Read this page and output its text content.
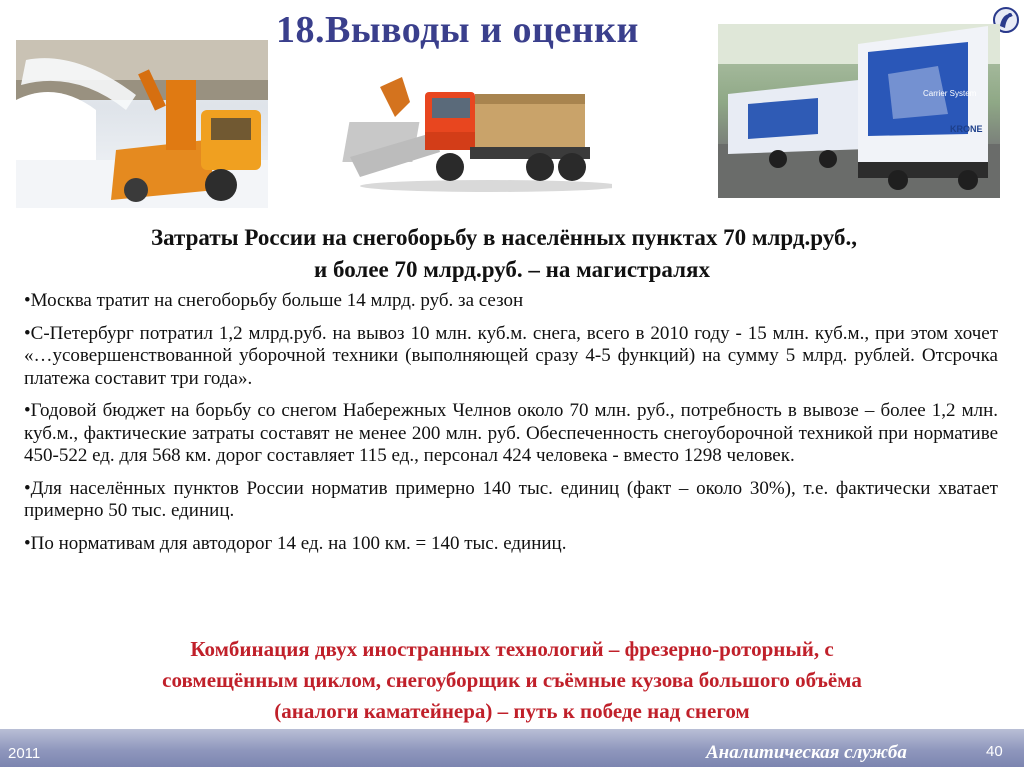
18.Выводы и оценки
Carrier System
KRONE
Затраты России на снегоборьбу в населённых пунктах 70 млрд.руб.,
и более 70 млрд.руб. – на магистралях

•Москва тратит на снегоборьбу больше 14 млрд. руб. за сезон

•С-Петербург потратил 1,2 млрд.руб. на вывоз 10 млн. куб.м. снега, всего в 2010 году - 15 млн. куб.м., при этом хочет «…усовершенствованной уборочной техники (выполняющей сразу 4-5 функций) на сумму 5 млрд. рублей. Отсрочка платежа составит три года».

•Годовой бюджет на борьбу со снегом Набережных Челнов около 70 млн. руб., потребность в вывозе – более 1,2 млн. куб.м., фактические затраты составят не менее 200 млн. руб. Обеспеченность снегоуборочной техникой при нормативе 450-522 ед. для 568 км. дорог составляет 115 ед., персонал 424 человека - вместо 1298 человек.

•Для населённых пунктов России норматив примерно 140 тыс. единиц (факт – около 30%), т.е. фактически хватает примерно 50 тыс. единиц.

•По нормативам для автодорог 14 ед. на 100 км. = 140 тыс. единиц.

Комбинация двух иностранных технологий – фрезерно-роторный, с
совмещённым циклом, снегоуборщик и съёмные кузова большого объёма
(аналоги каматейнера) – путь к победе над снегом
2011	Аналитическая служба	40
